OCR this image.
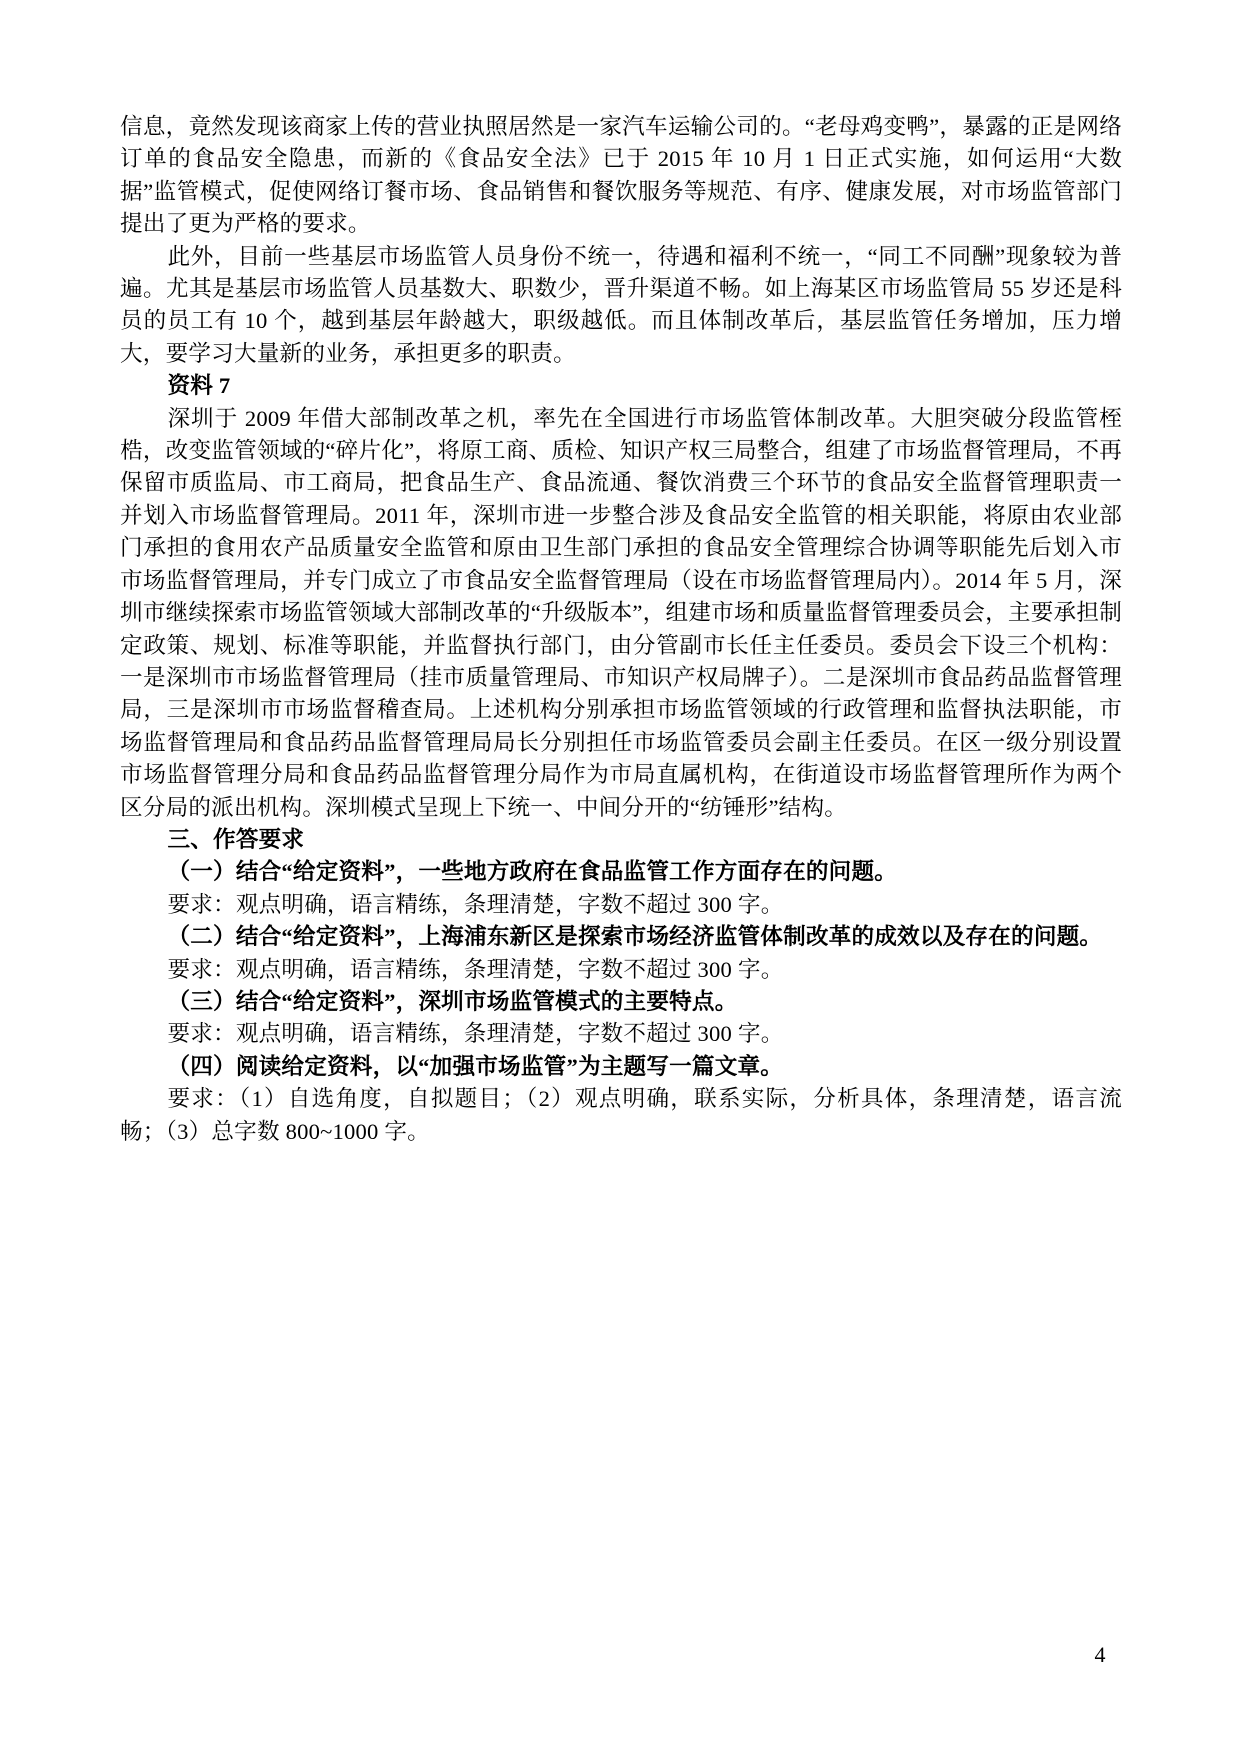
信息，竟然发现该商家上传的营业执照居然是一家汽车运输公司的。“老母鸡变鸭”，暴露的正是网络订单的食品安全隐患，而新的《食品安全法》已于 2015 年 10 月 1 日正式实施，如何运用“大数据”监管模式，促使网络订餐市场、食品销售和餐饮服务等规范、有序、健康发展，对市场监管部门提出了更为严格的要求。

此外，目前一些基层市场监管人员身份不统一，待遇和福利不统一，“同工不同酬”现象较为普遍。尤其是基层市场监管人员基数大、职数少，晋升渠道不畅。如上海某区市场监管局 55 岁还是科员的员工有 10 个，越到基层年龄越大，职级越低。而且体制改革后，基层监管任务增加，压力增大，要学习大量新的业务，承担更多的职责。

资料 7

深圳于 2009 年借大部制改革之机，率先在全国进行市场监管体制改革。大胆突破分段监管桎梏，改变监管领域的“碎片化”，将原工商、质检、知识产权三局整合，组建了市场监督管理局，不再保留市质监局、市工商局，把食品生产、食品流通、餐饮消费三个环节的食品安全监督管理职责一并划入市场监督管理局。2011 年，深圳市进一步整合涉及食品安全监管的相关职能，将原由农业部门承担的食用农产品质量安全监管和原由卫生部门承担的食品安全管理综合协调等职能先后划入市市场监督管理局，并专门成立了市食品安全监督管理局（设在市场监督管理局内）。2014 年 5 月，深圳市继续探索市场监管领域大部制改革的“升级版本”，组建市场和质量监督管理委员会，主要承担制定政策、规划、标准等职能，并监督执行部门，由分管副市长任主任委员。委员会下设三个机构：一是深圳市市场监督管理局（挂市质量管理局、市知识产权局牌子）。二是深圳市食品药品监督管理局，三是深圳市市场监督稽查局。上述机构分别承担市场监管领域的行政管理和监督执法职能，市场监督管理局和食品药品监督管理局局长分别担任市场监管委员会副主任委员。在区一级分别设置市场监督管理分局和食品药品监督管理分局作为市局直属机构，在街道设市场监督管理所作为两个区分局的派出机构。深圳模式呈现上下统一、中间分开的“纺锤形”结构。

三、作答要求

（一）结合“给定资料”，一些地方政府在食品监管工作方面存在的问题。

要求：观点明确，语言精练，条理清楚，字数不超过 300 字。

（二）结合“给定资料”，上海浦东新区是探索市场经济监管体制改革的成效以及存在的问题。

要求：观点明确，语言精练，条理清楚，字数不超过 300 字。

（三）结合“给定资料”，深圳市场监管模式的主要特点。

要求：观点明确，语言精练，条理清楚，字数不超过 300 字。

（四）阅读给定资料，以“加强市场监管”为主题写一篇文章。

要求：（1）自选角度，自拟题目；（2）观点明确，联系实际，分析具体，条理清楚，语言流畅；（3）总字数 800~1000 字。

4
